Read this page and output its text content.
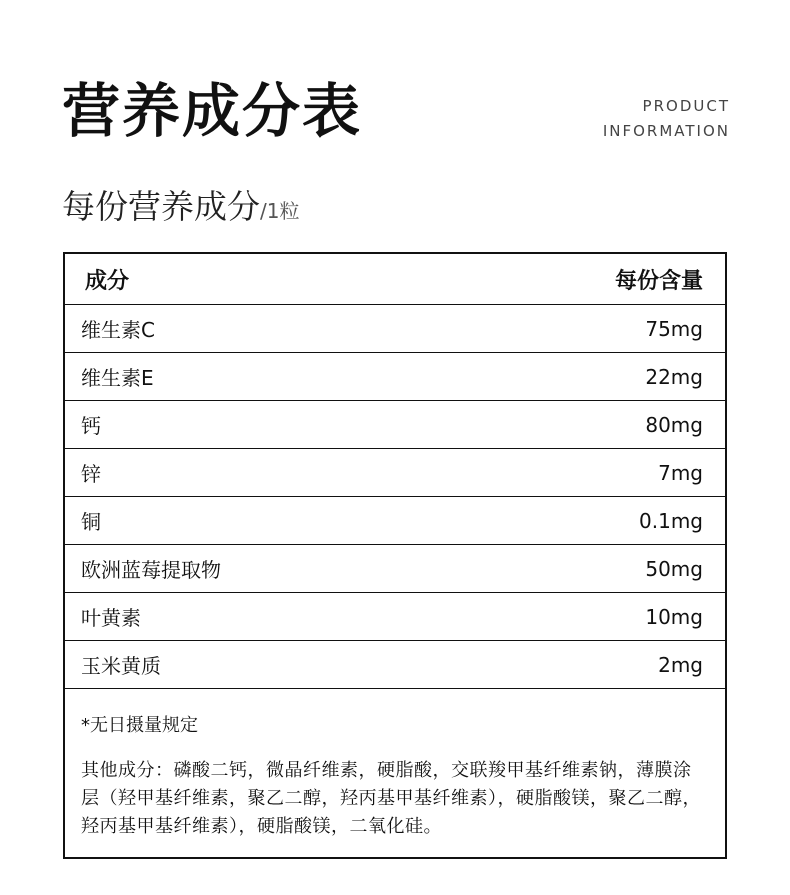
营养成分表	PRODUCT
INFORMATION
每份营养成分/1粒
成分	每份含量
维生素C	75mg
维生素E	22mg
钙	80mg
锌	7mg
铜	0.1mg
欧洲蓝莓提取物	50mg
叶黄素	10mg
玉米黄质	2mg
*无日摄量规定
其他成分：磷酸二钙，微晶纤维素，硬脂酸，交联羧甲基纤维素钠，薄膜涂层（羟甲基纤维素，聚乙二醇，羟丙基甲基纤维素），硬脂酸镁，聚乙二醇，羟丙基甲基纤维素），硬脂酸镁，二氧化硅。
